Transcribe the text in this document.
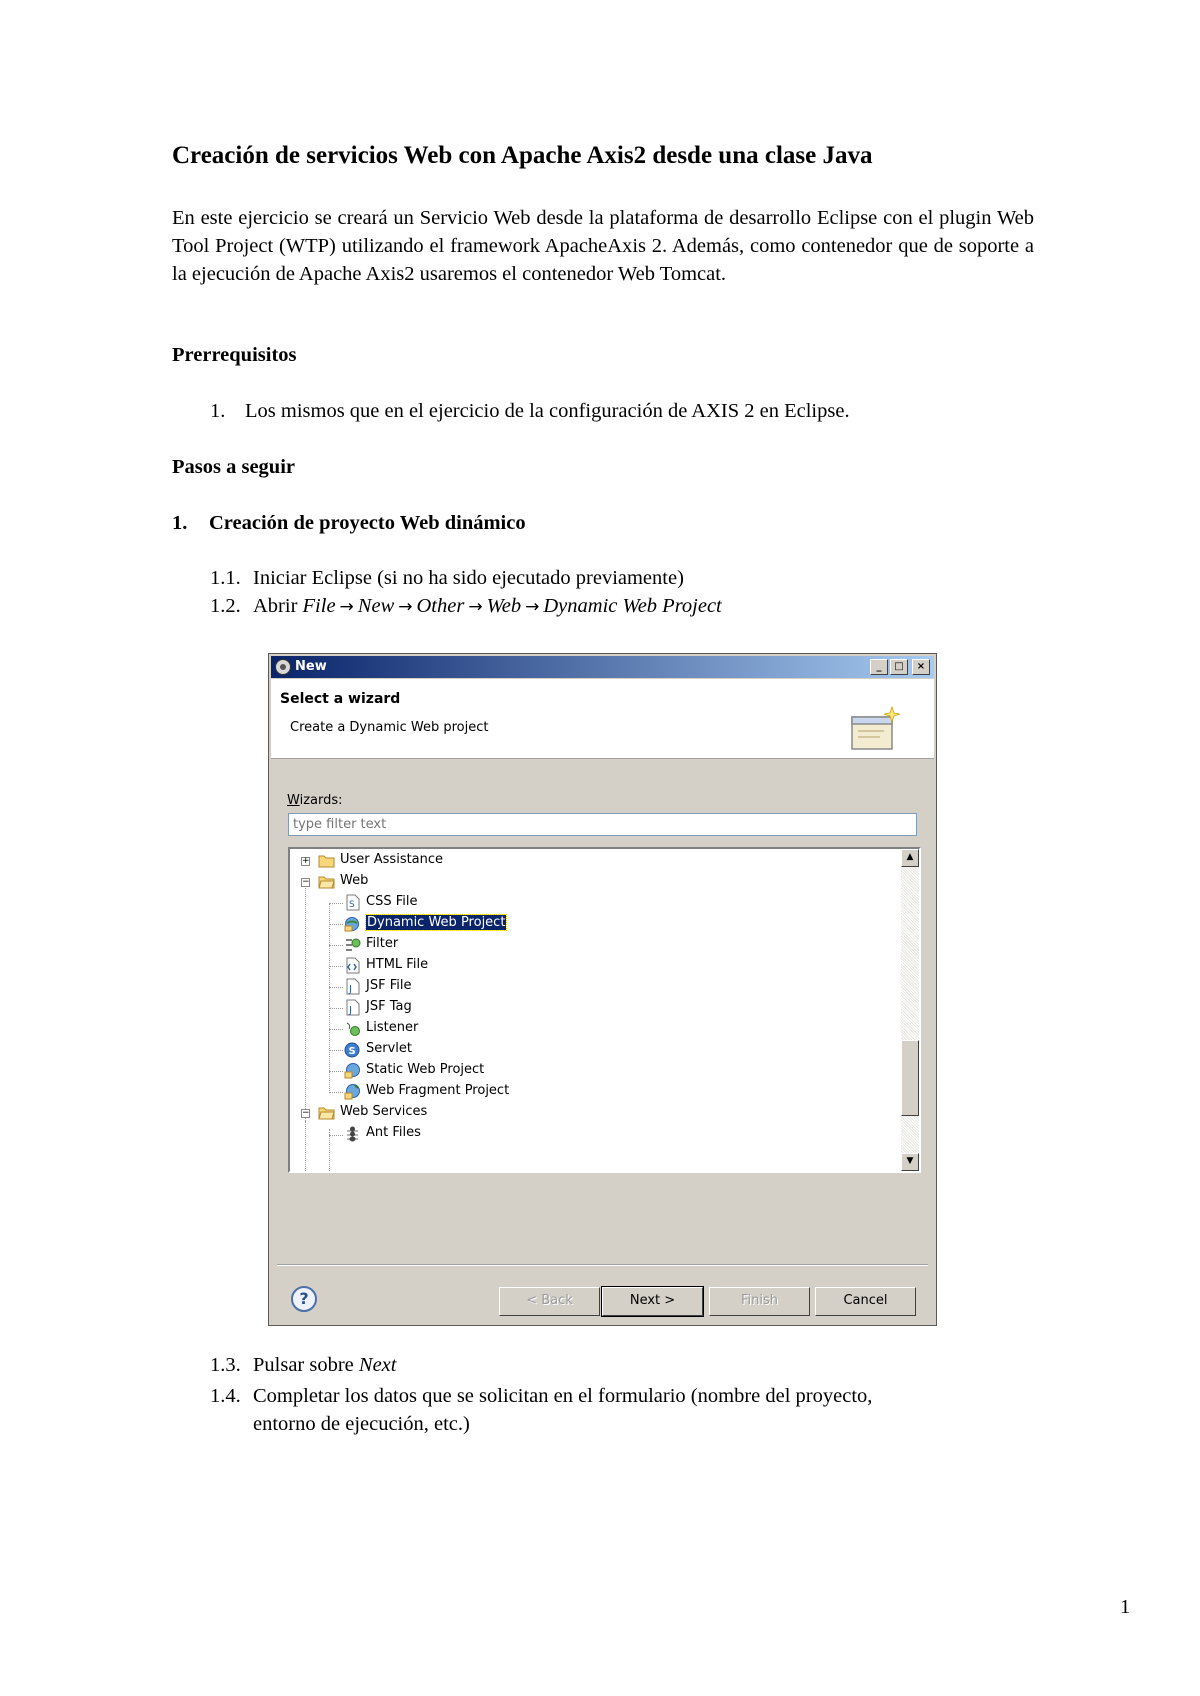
Creación de servicios Web con Apache Axis2 desde una clase Java

En este ejercicio se creará un Servicio Web desde la plataforma de desarrollo Eclipse con el plugin Web Tool Project (WTP) utilizando el framework ApacheAxis 2. Además, como contenedor que de soporte a la ejecución de Apache Axis2 usaremos el contenedor Web Tomcat.

Prerrequisitos

1. Los mismos que en el ejercicio de la configuración de AXIS 2 en Eclipse.

Pasos a seguir

1. Creación de proyecto Web dinámico

1.1. Iniciar Eclipse (si no ha sido ejecutado previamente)

1.2. Abrir File → New → Other → Web → Dynamic Web Project

New	_	□	×
Select a wizard
Create a Dynamic Web project
Wizards:
type filter text
+ User Assistance
− Web
S CSS File
Dynamic Web Project
Filter
HTML File
J JSF File
J JSF Tag
Listener
S Servlet
Static Web Project
Web Fragment Project
− Web Services
Ant Files
▲
▼
?	< Back	Next >	Finish	Cancel

1.3. Pulsar sobre Next

1.4. Completar los datos que se solicitan en el formulario (nombre del proyecto,
entorno de ejecución, etc.)

1
